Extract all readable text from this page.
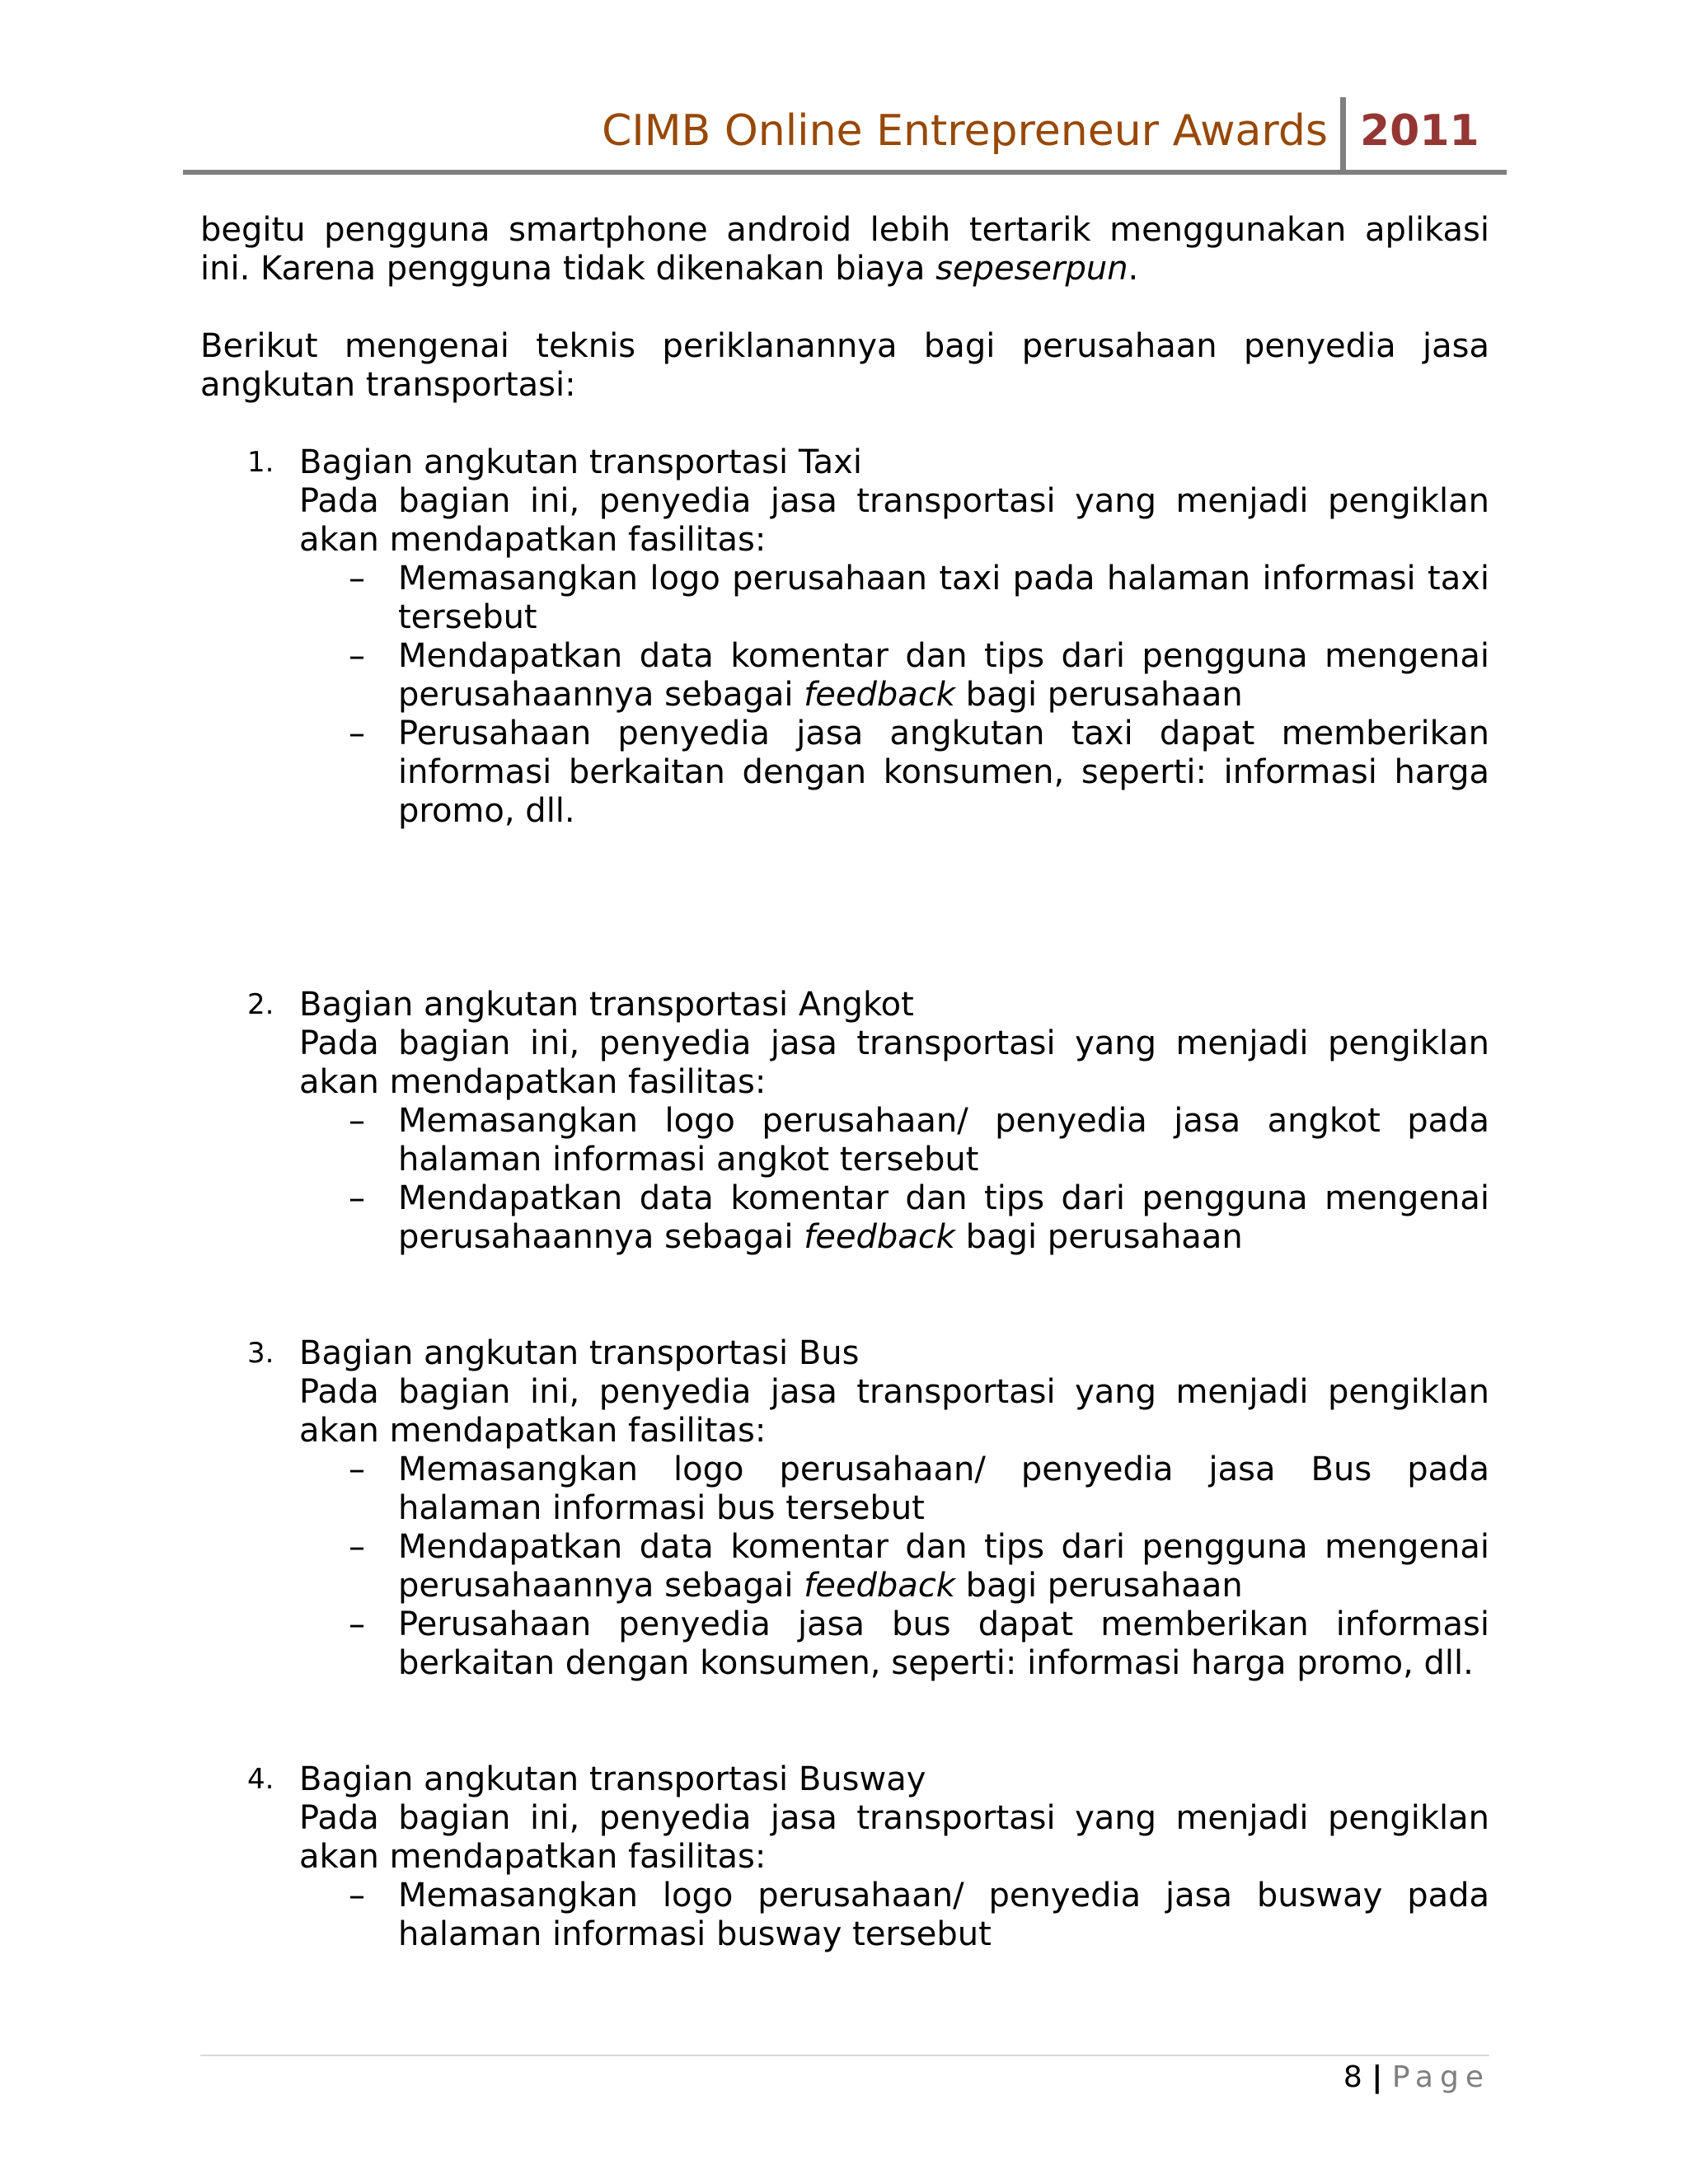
CIMB Online Entrepreneur Awards 2011

begitu pengguna smartphone android lebih tertarik menggunakan aplikasi ini. Karena pengguna tidak dikenakan biaya sepeserpun.

Berikut mengenai teknis periklanannya bagi perusahaan penyedia jasa angkutan transportasi:

1. Bagian angkutan transportasi Taxi

Pada bagian ini, penyedia jasa transportasi yang menjadi pengiklan akan mendapatkan fasilitas:

– Memasangkan logo perusahaan taxi pada halaman informasi taxi tersebut
– Mendapatkan data komentar dan tips dari pengguna mengenai perusahaannya sebagai feedback bagi perusahaan
– Perusahaan penyedia jasa angkutan taxi dapat memberikan informasi berkaitan dengan konsumen, seperti: informasi harga promo, dll.
2. Bagian angkutan transportasi Angkot

Pada bagian ini, penyedia jasa transportasi yang menjadi pengiklan akan mendapatkan fasilitas:

– Memasangkan logo perusahaan/ penyedia jasa angkot pada halaman informasi angkot tersebut
– Mendapatkan data komentar dan tips dari pengguna mengenai perusahaannya sebagai feedback bagi perusahaan
3. Bagian angkutan transportasi Bus

Pada bagian ini, penyedia jasa transportasi yang menjadi pengiklan akan mendapatkan fasilitas:

– Memasangkan logo perusahaan/ penyedia jasa Bus pada halaman informasi bus tersebut
– Mendapatkan data komentar dan tips dari pengguna mengenai perusahaannya sebagai feedback bagi perusahaan
– Perusahaan penyedia jasa bus dapat memberikan informasi berkaitan dengan konsumen, seperti: informasi harga promo, dll.
4. Bagian angkutan transportasi Busway

Pada bagian ini, penyedia jasa transportasi yang menjadi pengiklan akan mendapatkan fasilitas:

– Memasangkan logo perusahaan/ penyedia jasa busway pada halaman informasi busway tersebut
8 | Page
